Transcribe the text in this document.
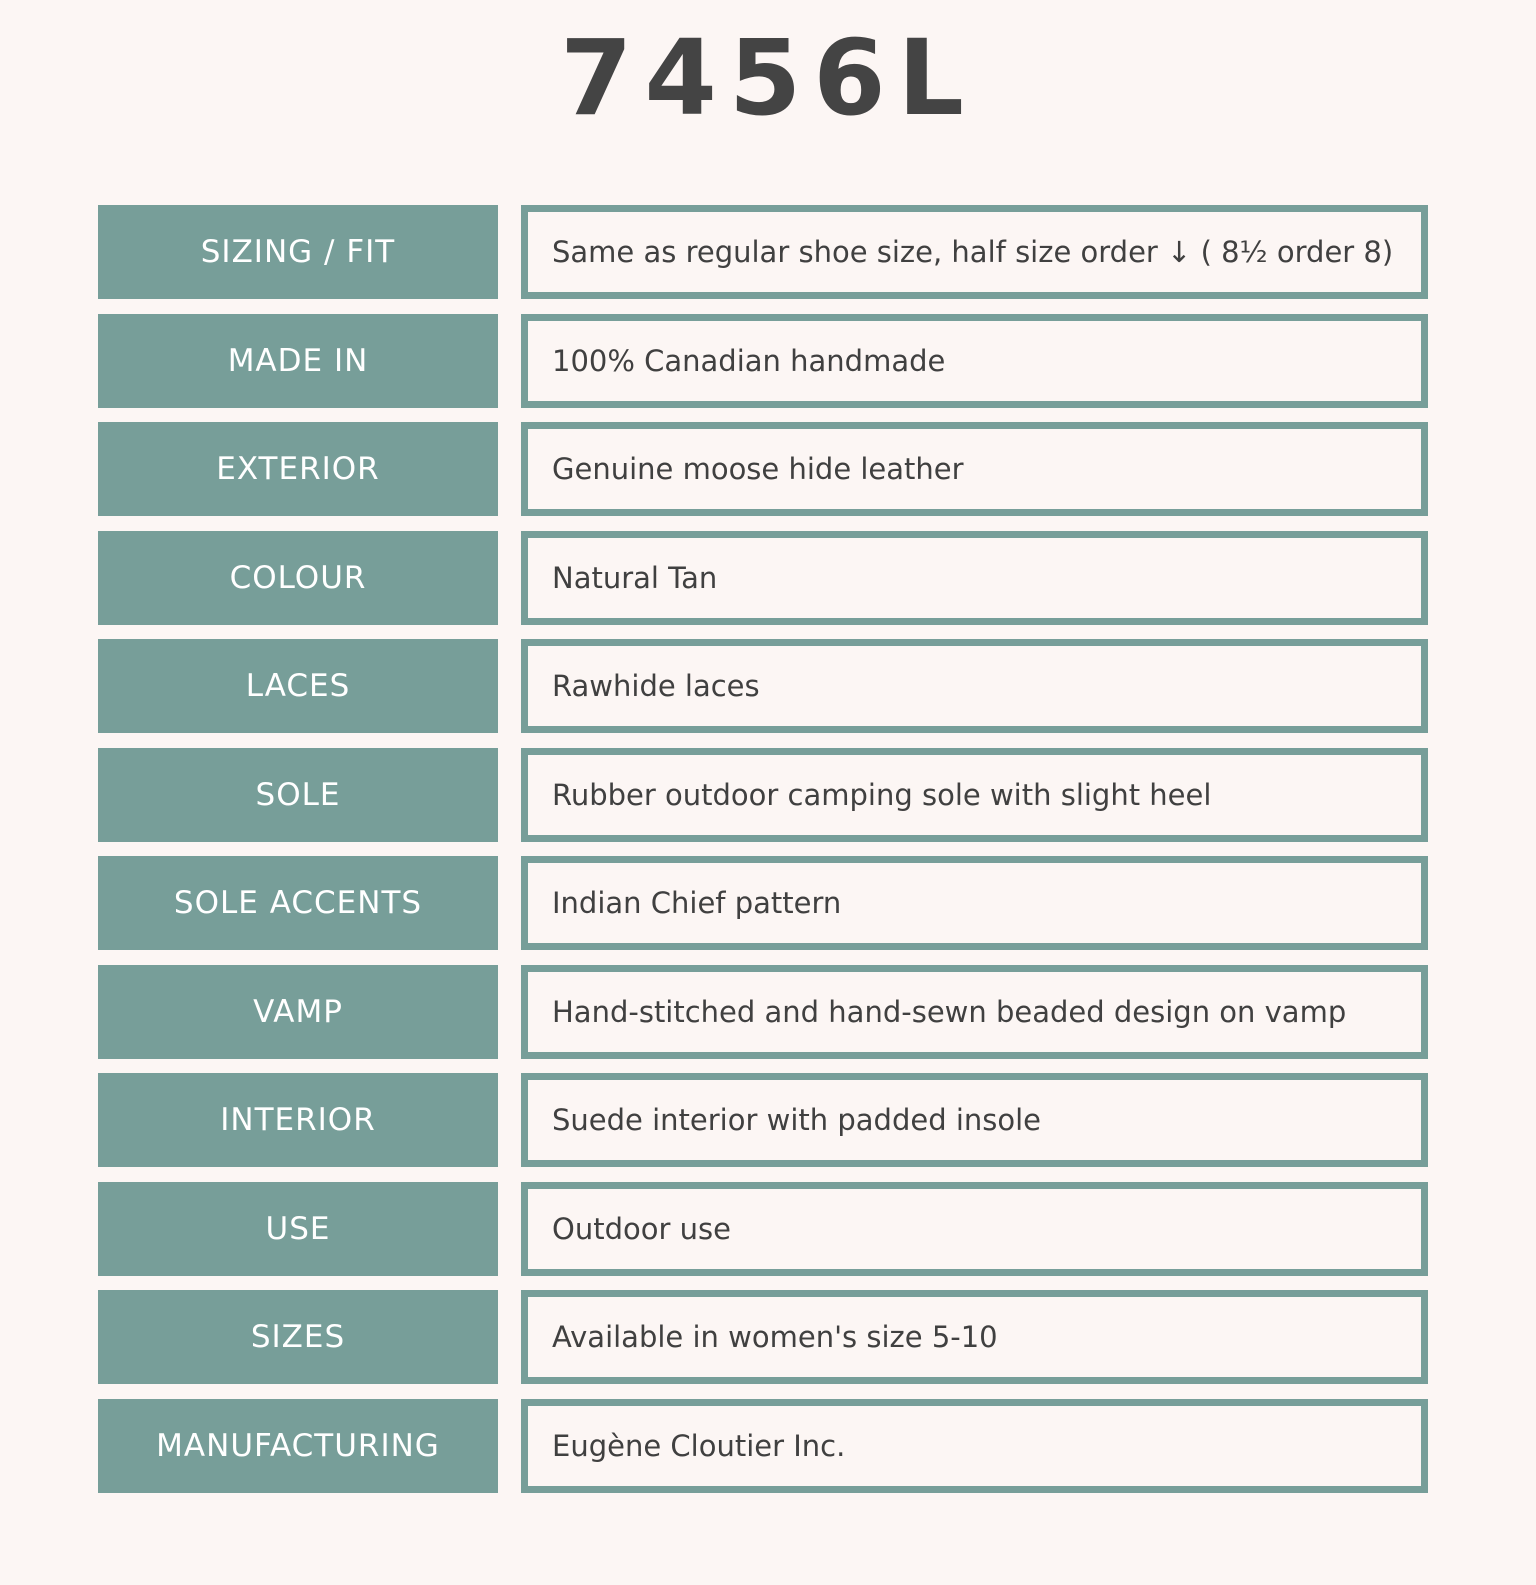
7456L
SIZING / FIT	Same as regular shoe size, half size order ↓ ( 8½ order 8)
MADE IN	100% Canadian handmade
EXTERIOR	Genuine moose hide leather
COLOUR	Natural Tan
LACES	Rawhide laces
SOLE	Rubber outdoor camping sole with slight heel
SOLE ACCENTS	Indian Chief pattern
VAMP	Hand-stitched and hand-sewn beaded design on vamp
INTERIOR	Suede interior with padded insole
USE	Outdoor use
SIZES	Available in women's size 5-10
MANUFACTURING	Eugène Cloutier Inc.
